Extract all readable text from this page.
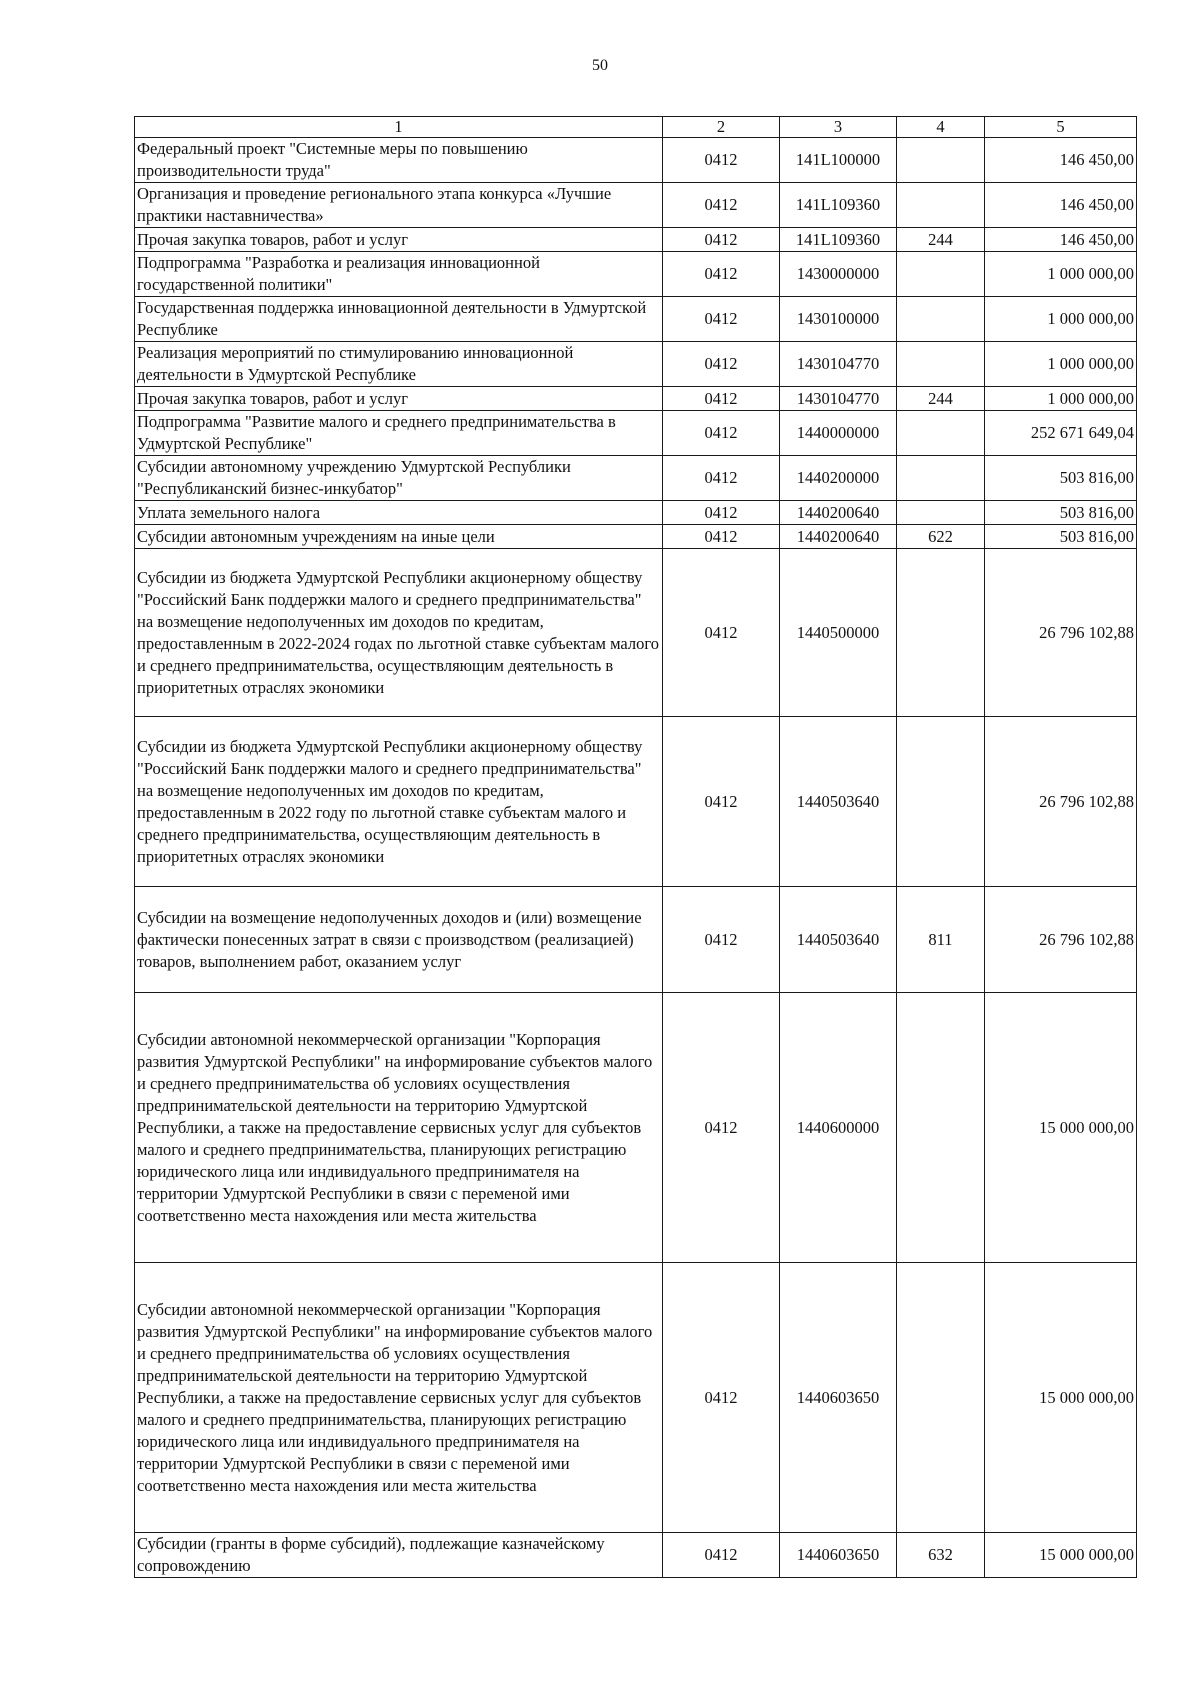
50
1	2	3	4	5
Федеральный проект "Системные меры по повышению производительности труда"	0412	141L100000		146 450,00
Организация и проведение регионального этапа конкурса «Лучшие практики наставничества»	0412	141L109360		146 450,00
Прочая закупка товаров, работ и услуг	0412	141L109360	244	146 450,00
Подпрограмма "Разработка и реализация инновационной государственной политики"	0412	1430000000		1 000 000,00
Государственная поддержка инновационной деятельности в Удмуртской Республике	0412	1430100000		1 000 000,00
Реализация мероприятий по стимулированию инновационной деятельности в Удмуртской Республике	0412	1430104770		1 000 000,00
Прочая закупка товаров, работ и услуг	0412	1430104770	244	1 000 000,00
Подпрограмма "Развитие малого и среднего предпринимательства в Удмуртской Республике"	0412	1440000000		252 671 649,04
Субсидии автономному учреждению Удмуртской Республики "Республиканский бизнес-инкубатор"	0412	1440200000		503 816,00
Уплата земельного налога	0412	1440200640		503 816,00
Субсидии автономным учреждениям на иные цели	0412	1440200640	622	503 816,00
Субсидии из бюджета Удмуртской Республики акционерному обществу "Российский Банк поддержки малого и среднего предпринимательства" на возмещение недополученных им доходов по кредитам, предоставленным в 2022-2024 годах по льготной ставке субъектам малого и среднего предпринимательства, осуществляющим деятельность в приоритетных отраслях экономики	0412	1440500000		26 796 102,88
Субсидии из бюджета Удмуртской Республики акционерному обществу "Российский Банк поддержки малого и среднего предпринимательства" на возмещение недополученных им доходов по кредитам, предоставленным в 2022 году по льготной ставке субъектам малого и среднего предпринимательства, осуществляющим деятельность в приоритетных отраслях экономики	0412	1440503640		26 796 102,88
Субсидии на возмещение недополученных доходов и (или) возмещение фактически понесенных затрат в связи с производством (реализацией) товаров, выполнением работ, оказанием услуг	0412	1440503640	811	26 796 102,88
Субсидии автономной некоммерческой организации "Корпорация развития Удмуртской Республики" на информирование субъектов малого и среднего предпринимательства об условиях осуществления предпринимательской деятельности на территорию Удмуртской Республики, а также на предоставление сервисных услуг для субъектов малого и среднего предпринимательства, планирующих регистрацию юридического лица или индивидуального предпринимателя на территории Удмуртской Республики в связи с переменой ими соответственно места нахождения или места жительства	0412	1440600000		15 000 000,00
Субсидии автономной некоммерческой организации "Корпорация развития Удмуртской Республики" на информирование субъектов малого и среднего предпринимательства об условиях осуществления предпринимательской деятельности на территорию Удмуртской Республики, а также на предоставление сервисных услуг для субъектов малого и среднего предпринимательства, планирующих регистрацию юридического лица или индивидуального предпринимателя на территории Удмуртской Республики в связи с переменой ими соответственно места нахождения или места жительства	0412	1440603650		15 000 000,00
Субсидии (гранты в форме субсидий), подлежащие казначейскому сопровождению	0412	1440603650	632	15 000 000,00
